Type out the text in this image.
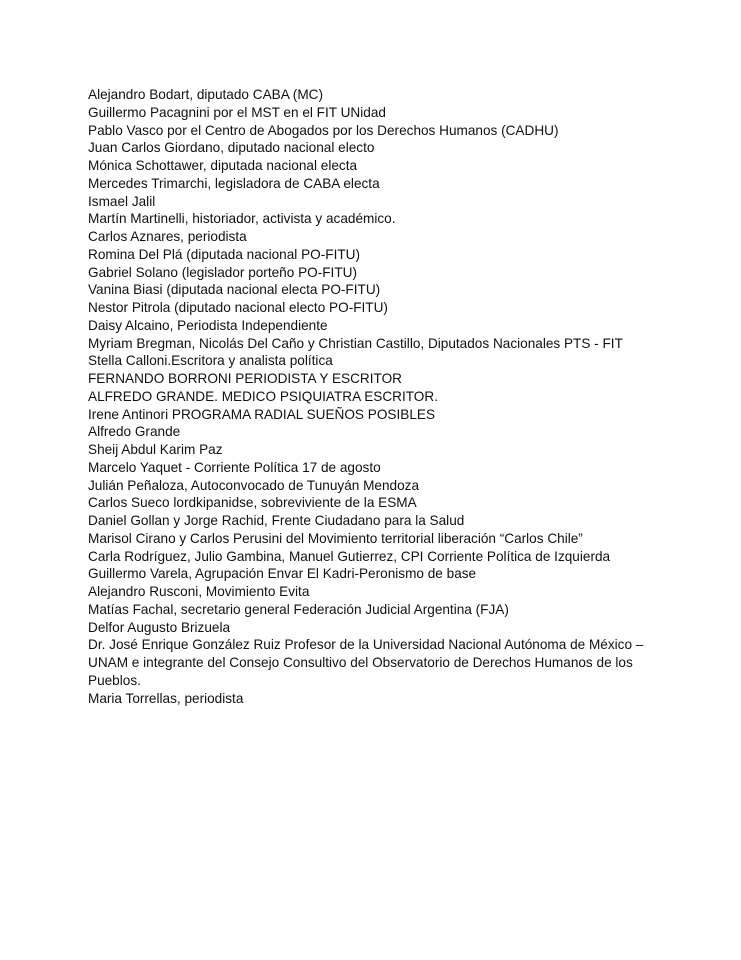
Alejandro Bodart, diputado CABA (MC)
Guillermo Pacagnini por el MST en el FIT UNidad
Pablo Vasco por el Centro de Abogados por los Derechos Humanos (CADHU)
Juan Carlos Giordano, diputado nacional electo
Mónica Schottawer, diputada nacional electa
Mercedes Trimarchi, legisladora de CABA electa
Ismael Jalil
Martín Martinelli, historiador, activista y académico.
Carlos Aznares, periodista
Romina Del Plá (diputada nacional PO-FITU)
Gabriel Solano (legislador porteño PO-FITU)
Vanina Biasi (diputada nacional electa PO-FITU)
Nestor Pitrola (diputado nacional electo PO-FITU)
Daisy Alcaino, Periodista Independiente
Myriam Bregman, Nicolás Del Caño y Christian Castillo, Diputados Nacionales PTS - FIT
Stella Calloni.Escritora y analista política
FERNANDO BORRONI PERIODISTA Y ESCRITOR
ALFREDO GRANDE. MEDICO PSIQUIATRA ESCRITOR.
Irene Antinori PROGRAMA RADIAL SUEÑOS POSIBLES
Alfredo Grande
Sheij Abdul Karim Paz
Marcelo Yaquet - Corriente Política 17 de agosto
Julián Peñaloza, Autoconvocado de Tunuyán Mendoza
Carlos Sueco lordkipanidse, sobreviviente de la ESMA
Daniel Gollan y Jorge Rachid, Frente Ciudadano para la Salud
Marisol Cirano y Carlos Perusini del Movimiento territorial liberación “Carlos Chile”
Carla Rodríguez, Julio Gambina, Manuel Gutierrez, CPI Corriente Política de Izquierda
Guillermo Varela, Agrupación Envar El Kadri-Peronismo de base
Alejandro Rusconi, Movimiento Evita
Matías Fachal, secretario general Federación Judicial Argentina (FJA)
Delfor Augusto Brizuela
Dr. José Enrique González Ruiz Profesor de la Universidad Nacional Autónoma de México –
UNAM e integrante del Consejo Consultivo del Observatorio de Derechos Humanos de los
Pueblos.
Maria Torrellas, periodista
